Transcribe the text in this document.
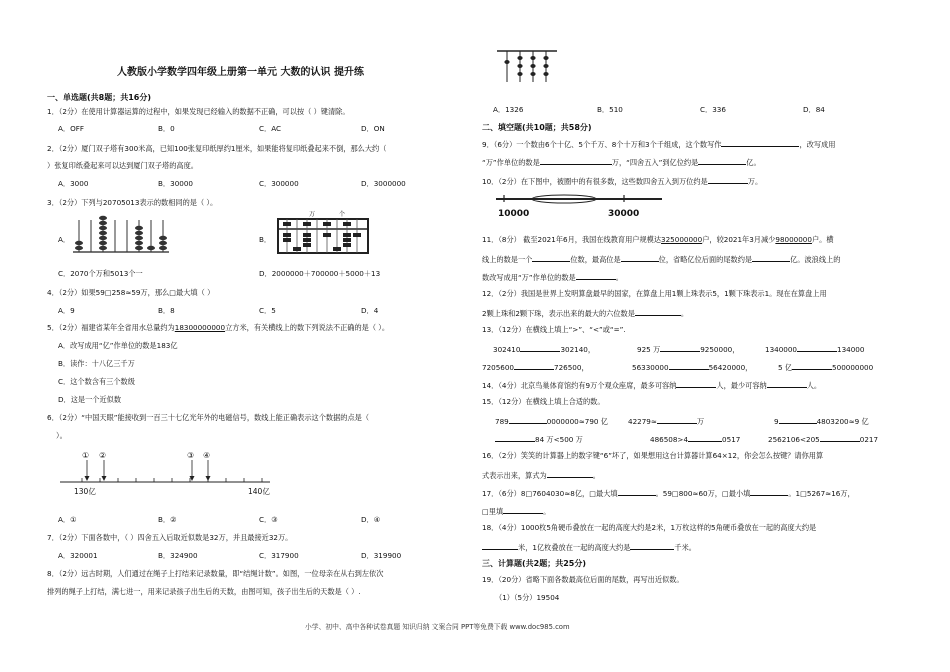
人教版小学数学四年级上册第一单元 大数的认识 提升练
一、单选题(共8题；共16分)
1．（2分）在使用计算器运算的过程中，如果发现已经输入的数据不正确，可以按（ ）键清除。
A．OFF	B．0	C．AC	D．ON
2．（2分）厦门双子塔有300米高，已知100张复印纸厚约1厘米，如果能将复印纸叠起来不倒，那么大约（
）张复印纸叠起来可以达到厦门双子塔的高度。
A．3000	B．30000	C．300000	D．3000000
3．（2分）下列与20705013表示的数相同的是（ ）。
A．	B．
万	个
C．2070个万和5013个一	D．2000000＋700000＋5000＋13
4．（2分）如果59□258≈59万，那么□最大填（ ）
A．9	B．8	C．5	D．4
5．（2分）福建省某年全省用水总量约为18300000000立方米，有关横线上的数下列说法不正确的是（ ）。
A．改写成用“亿”作单位的数是183亿
B．读作：十八亿三千万
C．这个数含有三个数级
D．这是一个近似数
6．（2分）“中国天眼”能接收到一百三十七亿光年外的电磁信号，数线上能正确表示这个数据的点是（
）。
① ②	③ ④
130亿	140亿
A．①	B．②	C．③	D．④
7．（2分）下面各数中，（ ）四舍五入后取近似数是32万，并且最接近32万。
A．320001	B．324900	C．317900	D．319900
8．（2分）远古时期，人们通过在绳子上打结来记录数量，即“结绳计数”。如图，一位母亲在从右到左依次
排列的绳子上打结，满七进一，用来记录孩子出生后的天数，由图可知，孩子出生后的天数是（ ）.
A．1326	B．510	C．336	D．84
二、填空题(共10题；共58分)
9．（6分）一个数由6个十亿、5个千万、8个十万和3个千组成，这个数写作	，改写成用
“万”作单位的数是	万，“四舍五入”到亿位约是	亿。
10．（2分）在下图中，被圈中的有很多数，这些数四舍五入到万位约是	万。
10000	30000
11．（8分） 截至2021年6月，我国在线教育用户规模达325000000户，较2021年3月减少98000000户。横
线上的数是一个	位数，最高位是	位，省略亿位后面的尾数约是	亿。波浪线上的
数改写成用“万”作单位的数是	。
12．（2分）我国是世界上发明算盘最早的国家，在算盘上用1颗上珠表示5，1颗下珠表示1。现在在算盘上用
2颗上珠和2颗下珠，表示出来的最大的六位数是	。
13．（12分）在横线上填上“>”、“<”或“=”.
302410	302140，	925 万	9250000，	1340000	134000
7205600	726500，	56330000	56420000，	5 亿	500000000
14．（4分）北京鸟巢体育馆约有9万个观众座席，最多可容纳	人，最少可容纳	人。
15．（12分）在横线上填上合适的数。
789	0000000≈790 亿	42279≈	万	9	4803200≈9 亿
84 万<500 万	486508>4	0517	2562106<205	0217
16．（2分）笑笑的计算器上的数字键“6”坏了，如果想用这台计算器计算64×12，你会怎么按键？请你用算
式表示出来，算式为	。
17．（6分）8□7604030≈8亿，□最大填	。59□800≈60万，□最小填	。1□5267≈16万，
□里填	。
18．（4分）1000枚5角硬币叠放在一起的高度大约是2米，1万枚这样的5角硬币叠放在一起的高度大约是
米，1亿枚叠放在一起的高度大约是	千米。
三、计算题(共2题；共25分)
19．（20分）省略下面各数最高位后面的尾数，再写出近似数。
（1）（5分）19504
小学、初中、高中各种试卷真题 知识归纳 文案合同 PPT等免费下载 www.doc985.com
